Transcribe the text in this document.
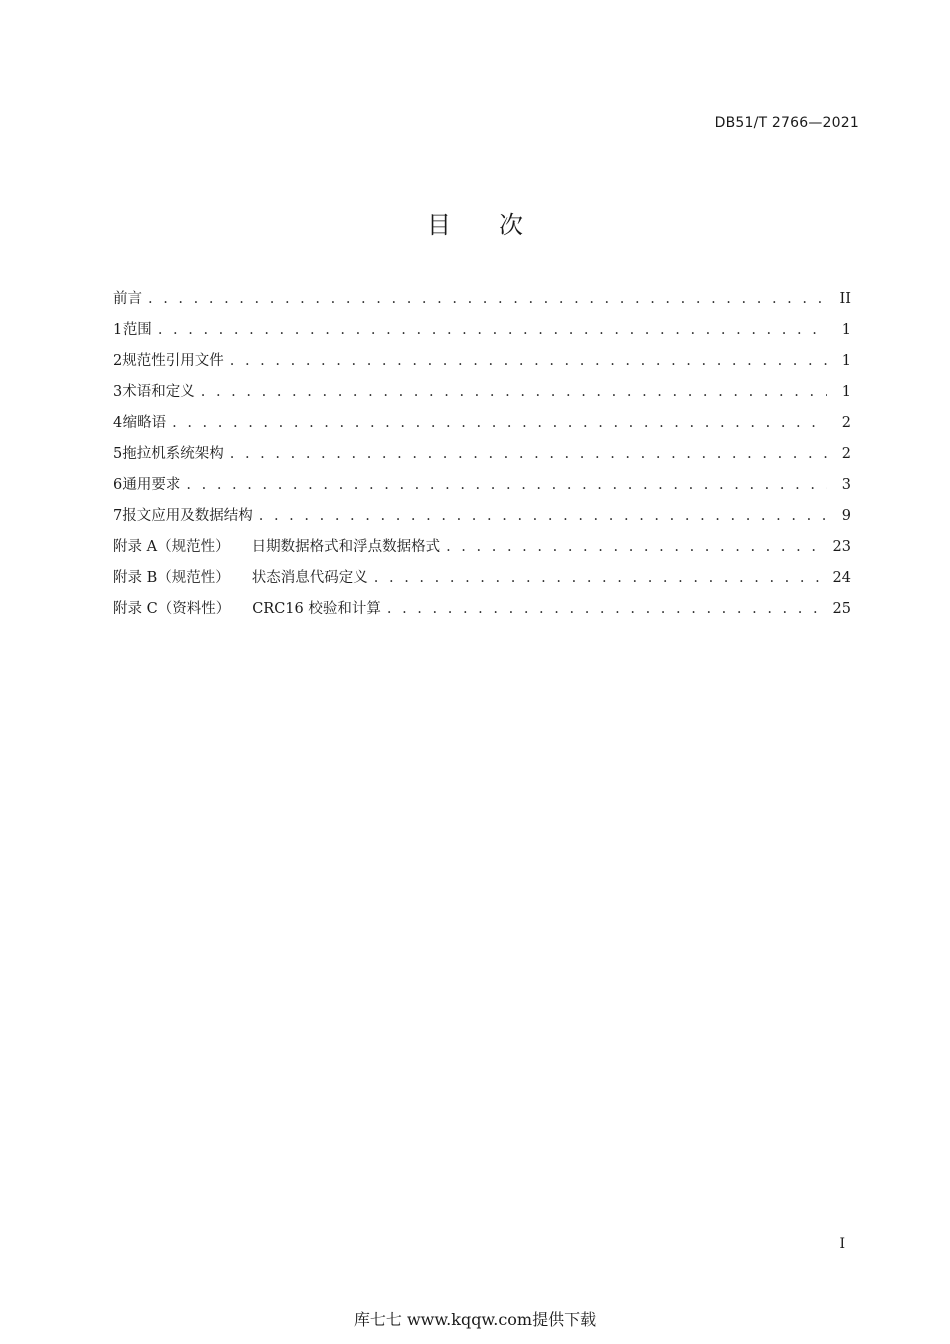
DB51/T 2766—2021
目次
前言 . . .	II
1 范围 . . .	1
2 规范性引用文件 . . .	1
3 术语和定义 . . .	1
4 缩略语 . . .	2
5 拖拉机系统架构 . . .	2
6 通用要求 . . .	3
7 报文应用及数据结构 . . .	9
附录 A（规范性） 日期数据格式和浮点数据格式 . . .	23
附录 B（规范性） 状态消息代码定义 . . .	24
附录 C（资料性） CRC16 校验和计算 . . .	25
I
库七七 www.kqqw.com提供下载
